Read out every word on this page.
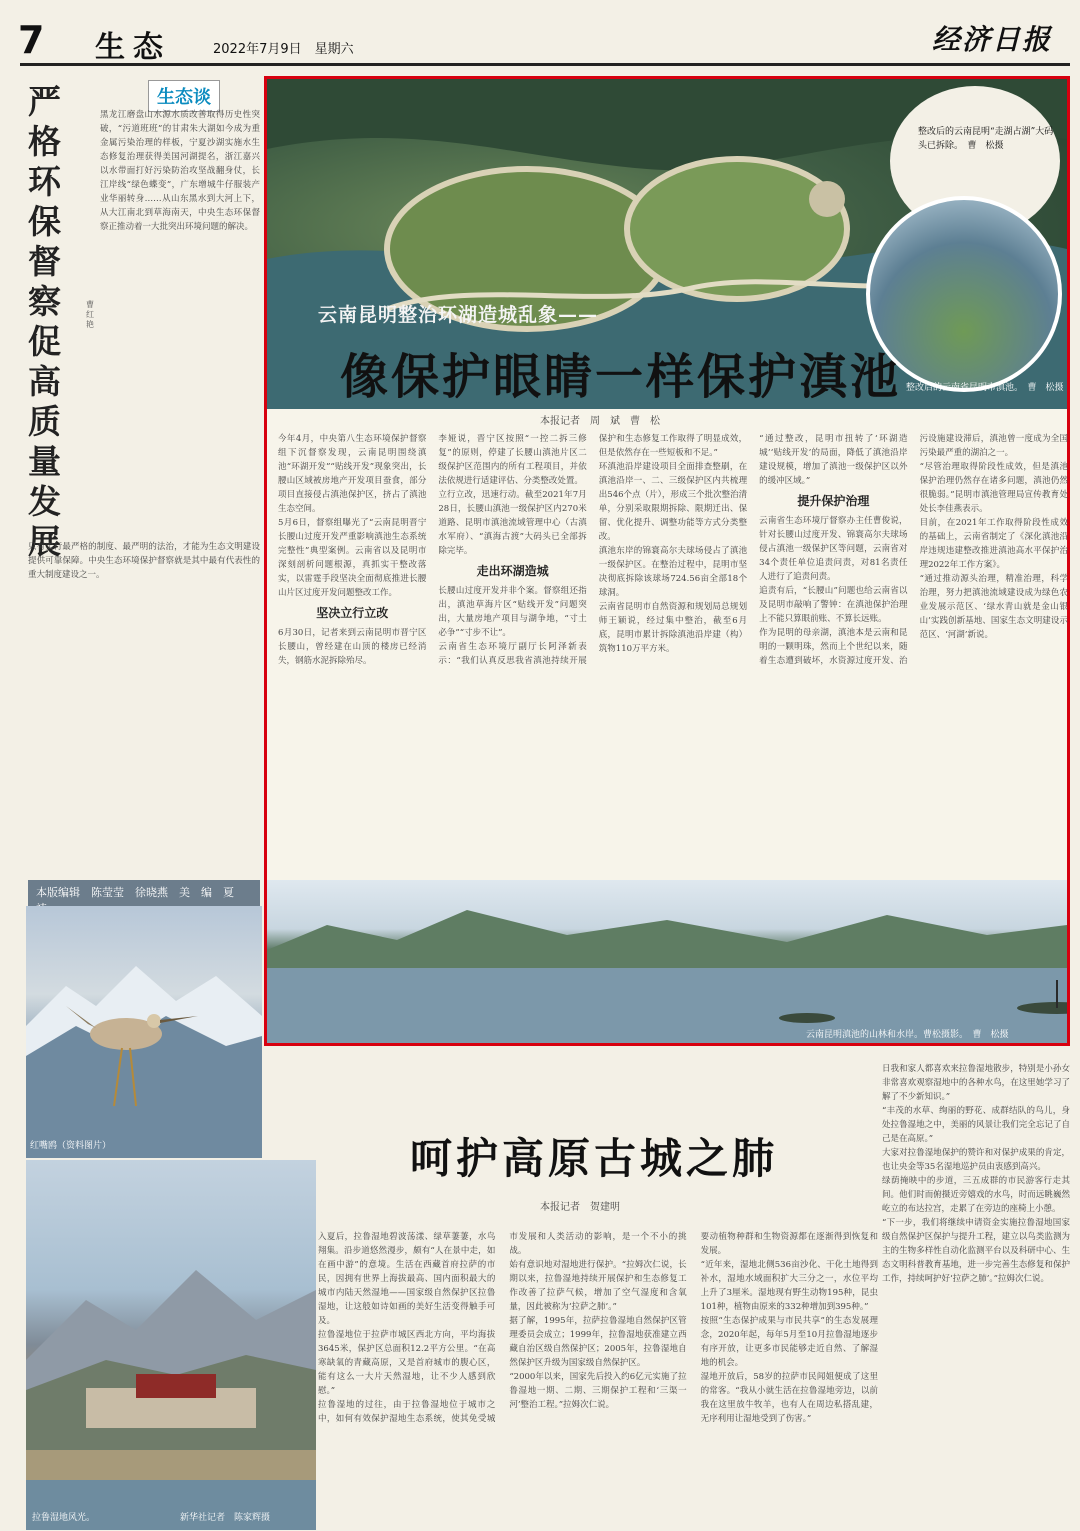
7 生态	2022年7月9日　星期六	经济日报
严格环保督察促高质量发展
生态谈
曹红艳
黑龙江磨盘山水源水质改善取得历史性突破，“污道班班”的甘肃朱大湖如今成为重金属污染治理的样板，宁夏沙湖实施水生态修复治理获得美国河湖提名，浙江嘉兴以水带面打好污染防治攻坚战翻身仗，长江岸线“绿色蝶变”，广东增城牛仔服装产业华丽转身……从山东黑水到大河上下，从大江南北到草海南天，中央生态环保督察正推动着一大批突出环境问题的解决。
只有实行最严格的制度、最严明的法治，才能为生态文明建设提供可靠保障。中央生态环境保护督察就是其中最有代表性的重大制度建设之一。
本版编辑　陈莹莹　徐晓燕　美　编　夏　
红嘴鸥（资料图片）
整改后的云南昆明“走湖占湖”大码头已拆除。　曹　松摄
整改后的云南省昆明市滇池。　曹　松摄
云南昆明整治环湖造城乱象——
像保护眼睛一样保护滇池
本报记者　周　斌　曹　松

今年4月，中央第八生态环境保护督察组下沉督察发现，云南昆明围绕滇池“环湖开发”“贴线开发”现象突出，长腰山区域被房地产开发项目蚕食，部分项目直接侵占滇池保护区，挤占了滇池生态空间。

5月6日，督察组曝光了“云南昆明晋宁长腰山过度开发严重影响滇池生态系统完整性”典型案例。云南省以及昆明市深刻剖析问题根源，真抓实干整改落实，以雷霆手段坚决全面彻底推进长腰山片区过度开发问题整改工作。

坚决立行立改

6月30日，记者来到云南昆明市晋宁区长腰山，曾经建在山顶的楼房已经消失，钢筋水泥拆除殆尽。

李娅说，晋宁区按照“一控二拆三修复”的原则，停建了长腰山滇池片区二级保护区范围内的所有工程项目，并依法依规进行适建评估、分类整改处置。

立行立改，迅速行动。截至2021年7月28日，长腰山滇池一级保护区内270米道路、昆明市滇池流域管理中心（古滇水军府）、“滇海古渡”大码头已全部拆除完毕。

走出环湖造城

长腰山过度开发并非个案。督察组还指出，滇池草海片区“贴线开发”问题突出，大量房地产项目与湖争地，“寸土必争”“寸步不让”。

云南省生态环境厅副厅长阿泽新表示：“我们认真反思我省滇池持续开展保护和生态修复工作取得了明显成效，但是依然存在一些短板和不足。”

环滇池沿岸建设项目全面排查整刷，在滇池沿岸一、二、三级保护区内共梳理出546个点（片），形成三个批次整治清单，分别采取限期拆除、限期迁出、保留、优化提升、调整功能等方式分类整改。

滇池东岸的锦寰高尔夫球场侵占了滇池一级保护区。在整治过程中，昆明市坚决彻底拆除该球场724.56亩全部18个球洞。

云南省昆明市自然资源和规划局总规划师王颖说，经过集中整治，截至6月底，昆明市累计拆除滇池沿岸建（构）筑物110万平方米。

“通过整改，昆明市扭转了‘环湖造城’‘贴线开发’的局面，降低了滇池沿岸建设规模，增加了滇池一级保护区以外的缓冲区域。”

提升保护治理

云南省生态环境厅督察办主任曹俊说，针对长腰山过度开发、锦寰高尔夫球场侵占滇池一级保护区等问题，云南省对34个责任单位追责问责，对81名责任人进行了追责问责。

追责有后，“长腰山”问题也给云南省以及昆明市敲响了警钟：在滇池保护治理上不能只算眼前账、不算长远账。

作为昆明的母亲湖，滇池本是云南和昆明的一颗明珠，然而上个世纪以来，随着生态遭到破坏，水资源过度开发、治污设施建设滞后，滇池曾一度成为全国污染最严重的湖泊之一。

“尽管治理取得阶段性成效，但是滇池保护治理仍然存在诸多问题，滇池仍然很脆弱。”昆明市滇池管理局宣传教育处处长李佳燕表示。

目前，在2021年工作取得阶段性成效的基础上，云南省制定了《深化滇池沿岸违规违建整改推进滇池高水平保护治理2022年工作方案》。

“通过推动源头治理，精准治理，科学治理，努力把滇池流域建设成为绿色农业发展示范区、‘绿水青山就是金山银山’实践创新基地、国家生态文明建设示范区、‘河湖’新说。

云南昆明滇池的山林和水岸。曹松摄影。　曹　松摄
拉鲁湿地风光。	新华社记者　陈家辉摄
呵护高原古城之肺
本报记者　贺建明

入夏后，拉鲁湿地碧波荡漾、绿草萋萋，水鸟翔集。沿步道悠然漫步，颇有“人在景中走，如在画中游”的意境。生活在西藏首府拉萨的市民，因拥有世界上海拔最高、国内面积最大的城市内陆天然湿地——国家级自然保护区拉鲁湿地，让这般如诗如画的美好生活变得触手可及。

拉鲁湿地位于拉萨市城区西北方向，平均海拔3645米，保护区总面积12.2平方公里。“在高寒缺氧的青藏高原，又是首府城市的腹心区，能有这么一大片天然湿地，让不少人感到欣慰。”

拉鲁湿地的过往，由于拉鲁湿地位于城市之中，如何有效保护湿地生态系统，使其免受城市发展和人类活动的影响，是一个不小的挑战。

始有意识地对湿地进行保护。“拉姆次仁说，长期以来，拉鲁湿地持续开展保护和生态修复工作改善了拉萨气候，增加了空气湿度和含氧量，因此被称为‘拉萨之肺’。”

据了解，1995年，拉萨拉鲁湿地自然保护区管理委员会成立；1999年，拉鲁湿地获准建立西藏自治区级自然保护区；2005年，拉鲁湿地自然保护区升级为国家级自然保护区。

“2000年以来，国家先后投入约6亿元实施了拉鲁湿地一期、二期、三期保护工程和‘三渠一河’整治工程。”拉姆次仁说。

要动植物种群和生物资源都在逐渐得到恢复和发展。

“近年来，湿地北侧536亩沙化、干化土地得到补水，湿地水域面积扩大三分之一，水位平均上升了3厘米。湿地现有野生动物195种，昆虫101种，植物由原来的332种增加到395种。”

按照“生态保护成果与市民共享”的生态发展理念，2020年起，每年5月至10月拉鲁湿地逐步有序开放，让更多市民能够走近自然、了解湿地的机会。

湿地开放后，58岁的拉萨市民闻姐便成了这里的常客。“我从小就生活在拉鲁湿地旁边，以前我在这里放牛牧羊，也有人在周边私搭乱建，无序利用让湿地受到了伤害。”

日我和家人都喜欢来拉鲁湿地散步，特别是小孙女非常喜欢观察湿地中的各种水鸟，在这里她学习了解了不少新知识。”

“丰茂的水草、绚丽的野花、成群结队的鸟儿，身处拉鲁湿地之中，美丽的风景让我们完全忘记了自己是在高原。”

大家对拉鲁湿地保护的赞许和对保护成果的肯定，也让央金等35名湿地巡护员由衷感到高兴。

绿荫掩映中的步道，三五成群的市民游客行走其间。他们时而俯摄近旁嬉戏的水鸟，时而远眺巍然屹立的布达拉宫，走累了在旁边的座椅上小憩。

“下一步，我们将继续申请资金实施拉鲁湿地国家级自然保护区保护与提升工程，建立以鸟类监测为主的生物多样性自动化监测平台以及科研中心、生态文明科普教育基地，进一步完善生态修复和保护工作，持续呵护好‘拉萨之肺’。”拉姆次仁说。
